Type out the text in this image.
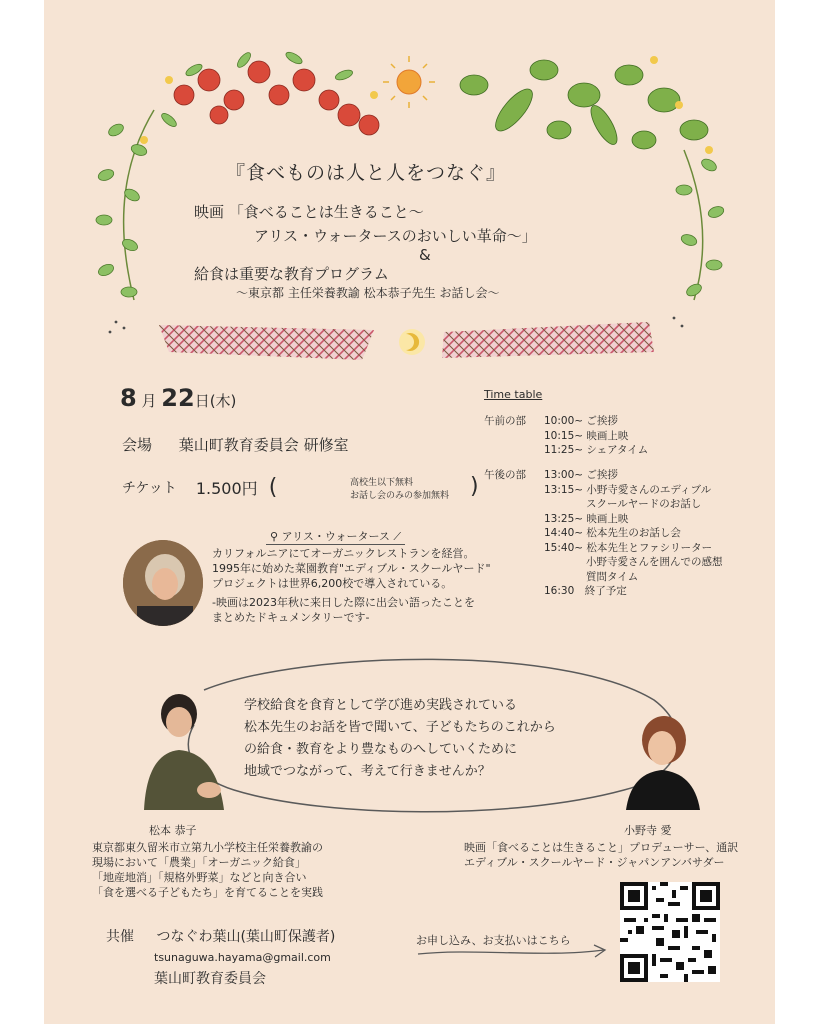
『食べものは人と人をつなぐ』
映画 「食べることは生きること～
アリス・ウォータースのおいしい革命～」
&
給食は重要な教育プログラム
～東京都 主任栄養教諭 松本恭子先生 お話し会～
8 月 22日(木)
会場 葉山町教育委員会 研修室
チケット 1.500円 (	高校生以下無料
お話し会のみの参加無料 )
Time table
午前の部 10:00~ ご挨拶
10:15~ 映画上映
11:25~ シェアタイム
午後の部 13:00~ ご挨拶
13:15~ 小野寺愛さんのエディブル
　　　　スクールヤードのお話し
13:25~ 映画上映
14:40~ 松本先生のお話し会
15:40~ 松本先生とファシリーター
　　　　小野寺愛さんを囲んでの感想
　　　　質問タイム
16:30　終了予定
⚲ アリス・ウォータース ⟋
カリフォルニアにてオーガニックレストランを経営。
1995年に始めた菜園教育"エディブル・スクールヤード"
プロジェクトは世界6,200校で導入されている。
-映画は2023年秋に来日した際に出会い語ったことを
まとめたドキュメンタリーです-
学校給食を食育として学び進め実践されている
松本先生のお話を皆で聞いて、子どもたちのこれから
の給食・教育をより豊なものへしていくために
地域でつながって、考えて行きませんか？
松本 恭子
東京都東久留米市立第九小学校主任栄養教諭の
現場において「農業」「オーガニック給食」
「地産地消」「規格外野菜」などと向き合い
「食を選べる子どもたち」を育てることを実践
小野寺 愛
映画「食べることは生きること」プロデューサー、通訳
エディブル・スクールヤード・ジャパンアンバサダー
共催 つなぐわ葉山(葉山町保護者)
tsunaguwa.hayama@gmail.com
葉山町教育委員会
お申し込み、お支払いはこちら
